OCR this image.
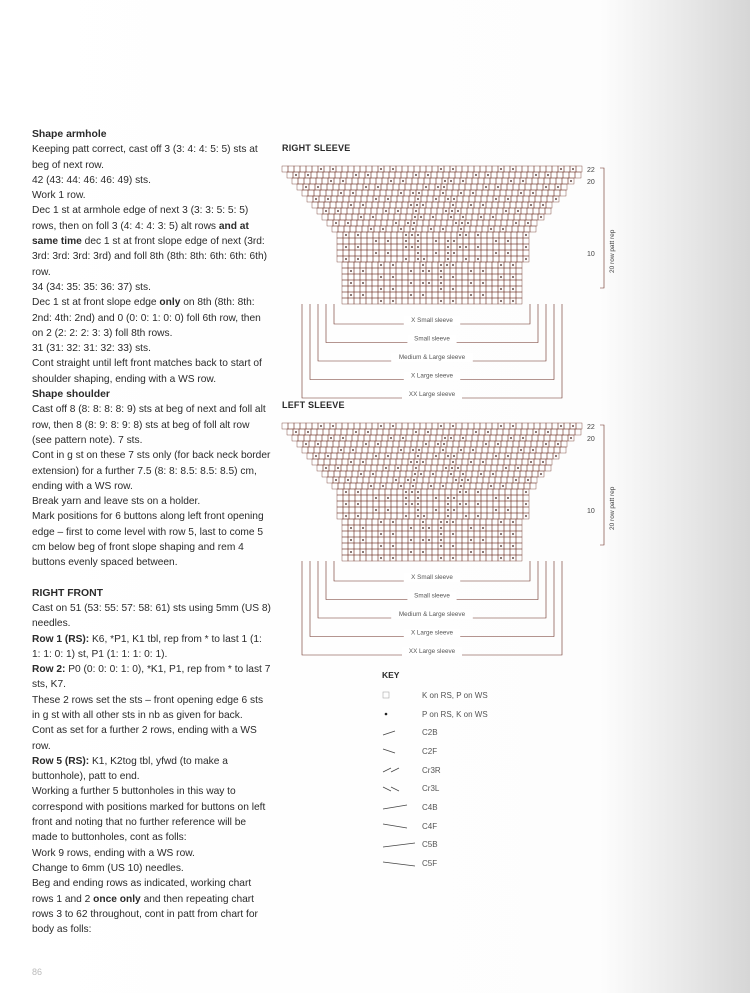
Shape armhole

Keeping patt correct, cast off 3 (3: 4: 4: 5: 5) sts at beg of next row.

42 (43: 44: 46: 46: 49) sts.

Work 1 row.

Dec 1 st at armhole edge of next 3 (3: 3: 5: 5: 5) rows, then on foll 3 (4: 4: 4: 3: 5) alt rows and at same time dec 1 st at front slope edge of next (3rd: 3rd: 3rd: 3rd: 3rd) and foll 8th (8th: 8th: 6th: 6th: 6th) row.

34 (34: 35: 35: 36: 37) sts.

Dec 1 st at front slope edge only on 8th (8th: 8th: 2nd: 4th: 2nd) and 0 (0: 0: 1: 0: 0) foll 6th row, then on 2 (2: 2: 2: 3: 3) foll 8th rows.

31 (31: 32: 31: 32: 33) sts.

Cont straight until left front matches back to start of shoulder shaping, ending with a WS row.

Shape shoulder

Cast off 8 (8: 8: 8: 8: 9) sts at beg of next and foll alt row, then 8 (8: 9: 8: 9: 8) sts at beg of foll alt row (see pattern note). 7 sts.

Cont in g st on these 7 sts only (for back neck border extension) for a further 7.5 (8: 8: 8.5: 8.5: 8.5) cm, ending with a WS row.

Break yarn and leave sts on a holder.

Mark positions for 6 buttons along left front opening edge – first to come level with row 5, last to come 5 cm below beg of front slope shaping and rem 4 buttons evenly spaced between.

RIGHT FRONT

Cast on 51 (53: 55: 57: 58: 61) sts using 5mm (US 8) needles.

Row 1 (RS): K6, *P1, K1 tbl, rep from * to last 1 (1: 1: 1: 0: 1) st, P1 (1: 1: 1: 0: 1).

Row 2: P0 (0: 0: 0: 1: 0), *K1, P1, rep from * to last 7 sts, K7.

These 2 rows set the sts – front opening edge 6 sts in g st with all other sts in nb as given for back.

Cont as set for a further 2 rows, ending with a WS row.

Row 5 (RS): K1, K2tog tbl, yfwd (to make a buttonhole), patt to end.

Working a further 5 buttonholes in this way to correspond with positions marked for buttons on left front and noting that no further reference will be made to buttonholes, cont as folls:

Work 9 rows, ending with a WS row.

Change to 6mm (US 10) needles.

Beg and ending rows as indicated, working chart rows 1 and 2 once only and then repeating chart rows 3 to 62 throughout, cont in patt from chart for body as folls:

86
RIGHT SLEEVE
22
20
10 20 row patt rep
X Small sleeve
Small sleeve
Medium & Large sleeve
X Large sleeve
XX Large sleeve
LEFT SLEEVE
22
20
10 20 row patt rep
X Small sleeve
Small sleeve
Medium & Large sleeve
X Large sleeve
XX Large sleeve
KEY
K on RS, P on WS
P on RS, K on WS
C2B
C2F
Cr3R
Cr3L
C4B
C4F
C5B
C5F
